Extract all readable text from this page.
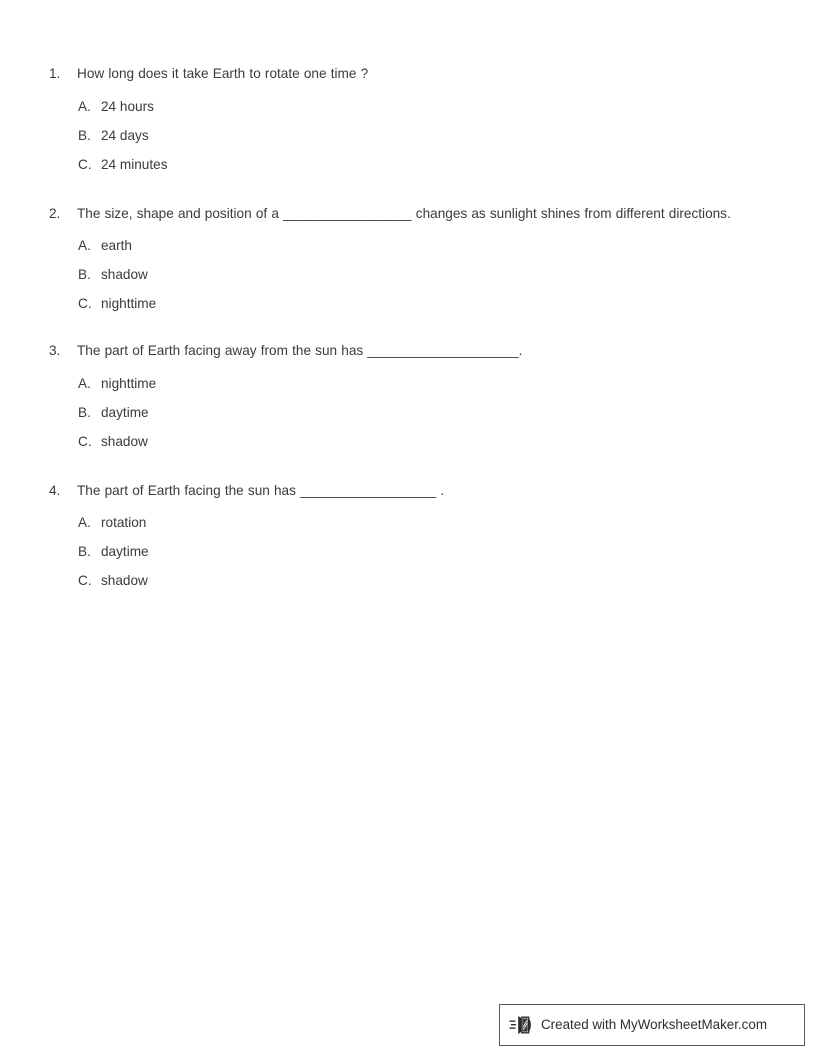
1.	How long does it take Earth to rotate one time ?
A. 24 hours
B. 24 days
C. 24 minutes
2.	The size, shape and position of a _________________ changes as sunlight shines from different directions.
A. earth
B. shadow
C. nighttime
3.	The part of Earth facing away from the sun has ____________________.
A. nighttime
B. daytime
C. shadow
4.	The part of Earth facing the sun has __________________ .
A. rotation
B. daytime
C. shadow
Created with MyWorksheetMaker.com
